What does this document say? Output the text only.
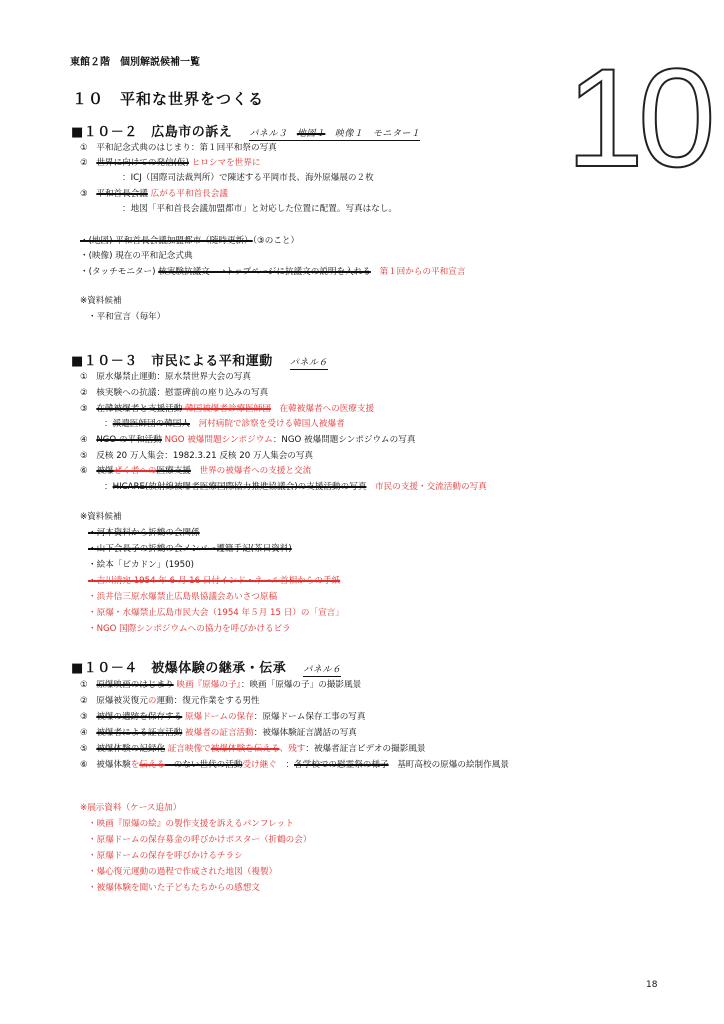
東館２階　個別解説候補一覧	10
１０　平和な世界をつくる
■１０－２　広島市の訴え パネル３　地図１　映像１　モニター１
①　平和記念式典のはじまり：第１回平和祭の写真
②　世界に向けての発信(仮) ヒロシマを世界に
：ICJ（国際司法裁判所）で陳述する平岡市長、海外原爆展の２枚
③　平和首長会議 広がる平和首長会議
：地図「平和首長会議加盟都市」と対応した位置に配置。写真はなし。
・(地図) 平和首長会議加盟都市（随時更新）（③のこと）
・(映像) 現在の平和記念式典
・(タッチモニター) 核実験抗議文　→トップページに抗議文の説明を入れる　第１回からの平和宣言
※資料候補
・平和宣言（毎年）
■１０－３　市民による平和運動 パネル６
①　原水爆禁止運動：原水禁世界大会の写真
②　核実験への抗議：慰霊碑前の座り込みの写真
③　在韓被爆者と支援活動 韓国被爆者診療医師団　在韓被爆者への医療支援
：派遣医師団の韓国人　河村病院で診察を受ける韓国人被爆者
④　NGO の平和活動 NGO 被爆問題シンポジウム：NGO 被爆問題シンポジウムの写真
⑤　反核 20 万人集会：1982.3.21 反核 20 万人集会の写真
⑥　被爆ぜく者への医療支援　世界の被爆者への支援と交流
：HICARE(放射線被曝者医療国際協力推進協議会)の支援活動の写真　市民の支援・交流活動の写真
※資料候補
・河本資料から折鶴の会関係
・山下会長子の折鶴の会メンバー護籍手記(茶日資料)
・絵本「ピカドン」(1950)
・吉川清宛 1954 年 6 月 16 日付インド・ネール首相からの手紙
・浜井信三原水爆禁止広島県協議会あいさつ原稿
・原爆・水爆禁止広島市民大会（1954 年５月 15 日）の「宣言」
・NGO 国際シンポジウムへの協力を呼びかけるビラ
■１０－４　被爆体験の継承・伝承 パネル６
①　原爆映画のはじまり 映画『原爆の子』：映画「原爆の子」の撮影風景
②　原爆被災復元の運動：復元作業をする男性
③　被爆の遺跡を保存する 原爆ドームの保存：原爆ドーム保存工事の写真
④　被爆者による証言活動 被爆者の証言活動：被爆体験証言講話の写真
⑤　被爆体験の記録化 証言映像で被爆体験を伝える、残す：被爆者証言ビデオの撮影風景
⑥　被爆体験を伝える　のない世代の活動受け継ぐ　：各学校での慰霊祭の様子　基町高校の原爆の絵制作風景
※展示資料（ケース追加）
・映画『原爆の絵』の製作支援を訴えるパンフレット
・原爆ドームの保存募金の呼びかけポスター（折鶴の会）
・原爆ドームの保存を呼びかけるチラシ
・爆心復元運動の過程で作成された地図（複製）
・被爆体験を聞いた子どもたちからの感想文
18
